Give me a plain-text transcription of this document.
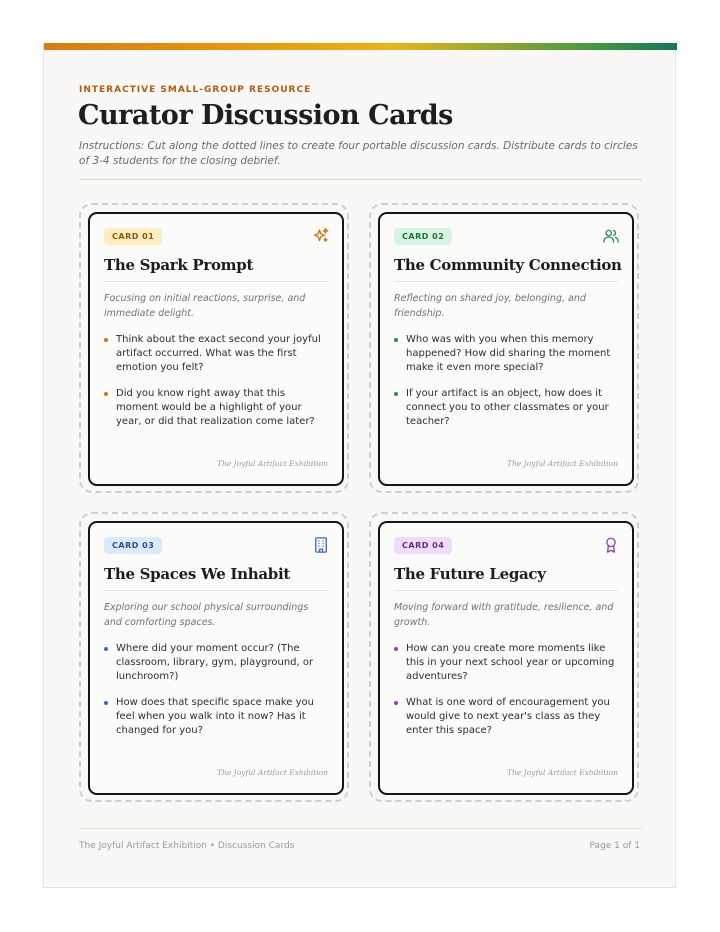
INTERACTIVE SMALL-GROUP RESOURCE
Curator Discussion Cards
Instructions: Cut along the dotted lines to create four portable discussion cards. Distribute cards to circles of 3-4 students for the closing debrief.
CARD 01
The Spark Prompt
Focusing on initial reactions, surprise, and immediate delight.
Think about the exact second your joyful artifact occurred. What was the first emotion you felt?
Did you know right away that this moment would be a highlight of your year, or did that realization come later?
The Joyful Artifact Exhibition
CARD 02
The Community Connection
Reflecting on shared joy, belonging, and friendship.
Who was with you when this memory happened? How did sharing the moment make it even more special?
If your artifact is an object, how does it connect you to other classmates or your teacher?
The Joyful Artifact Exhibition
CARD 03
The Spaces We Inhabit
Exploring our school physical surroundings and comforting spaces.
Where did your moment occur? (The classroom, library, gym, playground, or lunchroom?)
How does that specific space make you feel when you walk into it now? Has it changed for you?
The Joyful Artifact Exhibition
CARD 04
The Future Legacy
Moving forward with gratitude, resilience, and growth.
How can you create more moments like this in your next school year or upcoming adventures?
What is one word of encouragement you would give to next year's class as they enter this space?
The Joyful Artifact Exhibition
The Joyful Artifact Exhibition • Discussion Cards	Page 1 of 1
